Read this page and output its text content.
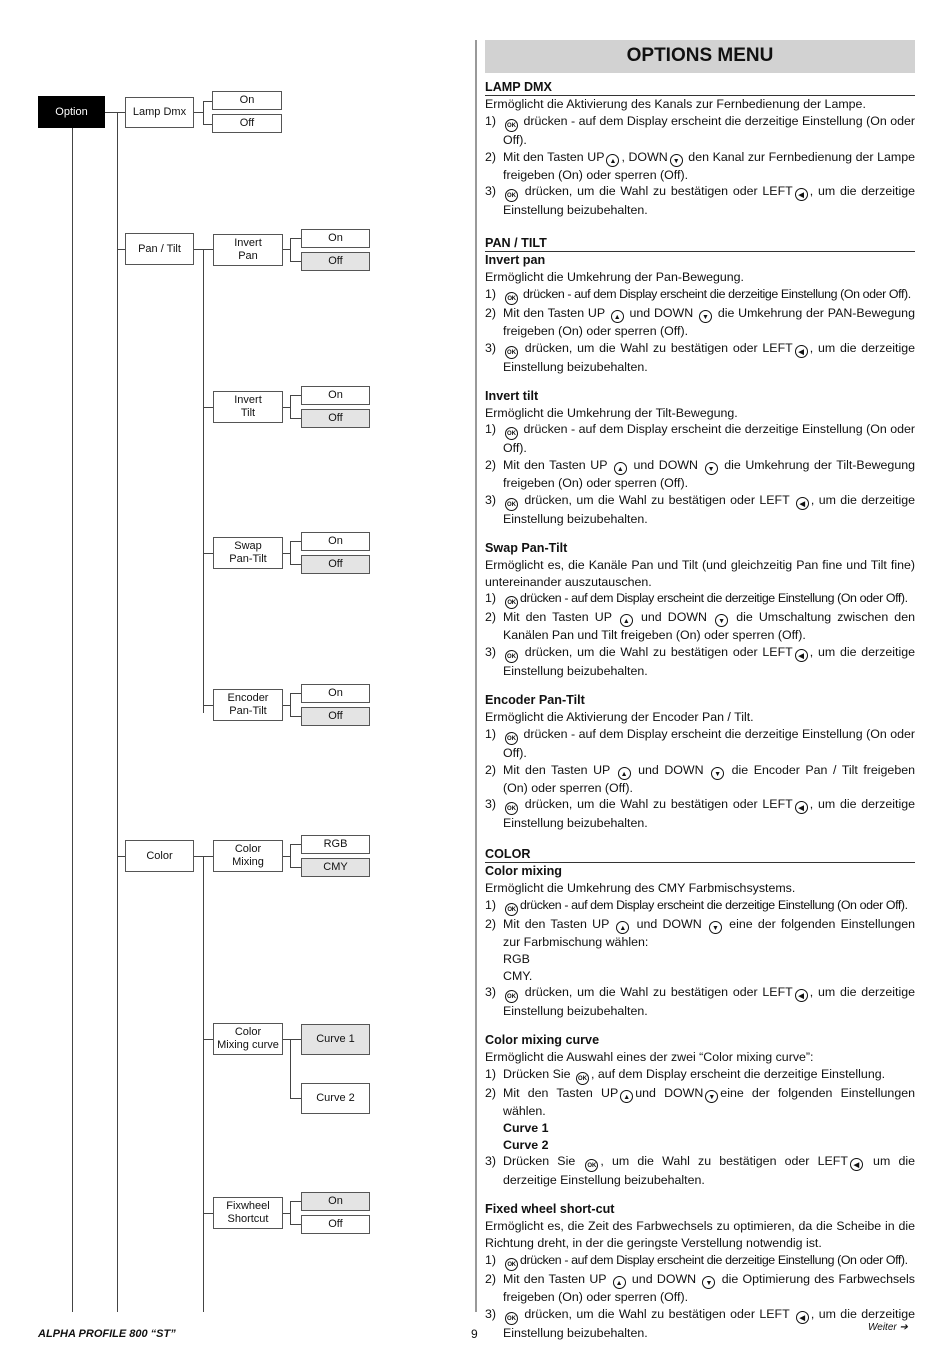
Option	Lamp Dmx
On
Off
Pan / Tilt	Invert
Pan
On
Off
Invert
Tilt
On
Off
Swap
Pan-Tilt
On
Off
Encoder
Pan-Tilt
On
Off
Color
Color
Mixing
RGB
CMY
Color
Mixing curve	Curve 1
Curve 2
Fixwheel
Shortcut
On
Off
OPTIONS MENU
LAMP DMX

Ermöglicht die Aktivierung des Kanals zur Fernbedienung der Lampe.

1)	OK drücken - auf dem Display erscheint die derzeitige Einstellung (On oder Off).
2) Mit den Tasten UP ▲ , DOWN ▼ den Kanal zur Fernbedienung der Lampe freigeben (On) oder sperren (Off).
3)	OK drücken, um die Wahl zu bestätigen oder LEFT ◀ , um die derzeitige Einstellung beizubehalten.
PAN / TILT
Invert pan

Ermöglicht die Umkehrung der Pan-Bewegung.

1)	OK drücken - auf dem Display erscheint die derzeitige Einstellung (On oder Off).
2) Mit den Tasten UP ▲ und DOWN ▼ die Umkehrung der PAN-Bewegung freigeben (On) oder sperren (Off).
3)	OK drücken, um die Wahl zu bestätigen oder LEFT ◀ , um die derzeitige Einstellung beizubehalten.
Invert tilt

Ermöglicht die Umkehrung der Tilt-Bewegung.

1)	OK drücken - auf dem Display erscheint die derzeitige Einstellung (On oder Off).
2) Mit den Tasten UP ▲ und DOWN ▼ die Umkehrung der Tilt-Bewegung freigeben (On) oder sperren (Off).
3)	OK drücken, um die Wahl zu bestätigen oder LEFT ◀ , um die derzeitige Einstellung beizubehalten.
Swap Pan-Tilt

Ermöglicht es, die Kanäle Pan und Tilt (und gleichzeitig Pan fine und Tilt fine) untereinander auszutauschen.

1)	OK drücken - auf dem Display erscheint die derzeitige Einstellung (On oder Off).
2) Mit den Tasten UP ▲ und DOWN ▼ die Umschaltung zwischen den Kanälen Pan und Tilt freigeben (On) oder sperren (Off).
3)	OK drücken, um die Wahl zu bestätigen oder LEFT ◀ , um die derzeitige Einstellung beizubehalten.
Encoder Pan-Tilt

Ermöglicht die Aktivierung der Encoder Pan / Tilt.

1)	OK drücken - auf dem Display erscheint die derzeitige Einstellung (On oder Off).
2) Mit den Tasten UP ▲ und DOWN ▼ die Encoder Pan / Tilt freigeben (On) oder sperren (Off).
3)	OK drücken, um die Wahl zu bestätigen oder LEFT ◀ , um die derzeitige Einstellung beizubehalten.
COLOR
Color mixing

Ermöglicht die Umkehrung des CMY Farbmischsystems.

1)	OK drücken - auf dem Display erscheint die derzeitige Einstellung (On oder Off).
2) Mit den Tasten UP ▲ und DOWN ▼ eine der folgenden Einstellungen zur Farbmischung wählen:
RGB
CMY.
3)	OK drücken, um die Wahl zu bestätigen oder LEFT ◀ , um die derzeitige Einstellung beizubehalten.
Color mixing curve

Ermöglicht die Auswahl eines der zwei “Color mixing curve”:

1) Drücken Sie OK , auf dem Display erscheint die derzeitige Einstellung.
2) Mit den Tasten UP ▲ und DOWN ▼ eine der folgenden Einstellungen wählen.
Curve 1
Curve 2
3) Drücken Sie OK , um die Wahl zu bestätigen oder LEFT ◀ um die derzeitige Einstellung beizubehalten.
Fixed wheel short-cut

Ermöglicht es, die Zeit des Farbwechsels zu optimieren, da die Scheibe in die Richtung dreht, in der die geringste Verstellung notwendig ist.

1)	OK drücken - auf dem Display erscheint die derzeitige Einstellung (On oder Off).
2) Mit den Tasten UP ▲ und DOWN ▼ die Optimierung des Farbwechsels freigeben (On) oder sperren (Off).
3)	OK drücken, um die Wahl zu bestätigen oder LEFT ◀ , um die derzeitige Einstellung beizubehalten.
ALPHA PROFILE 800 “ST”	9	Weiter ➔
